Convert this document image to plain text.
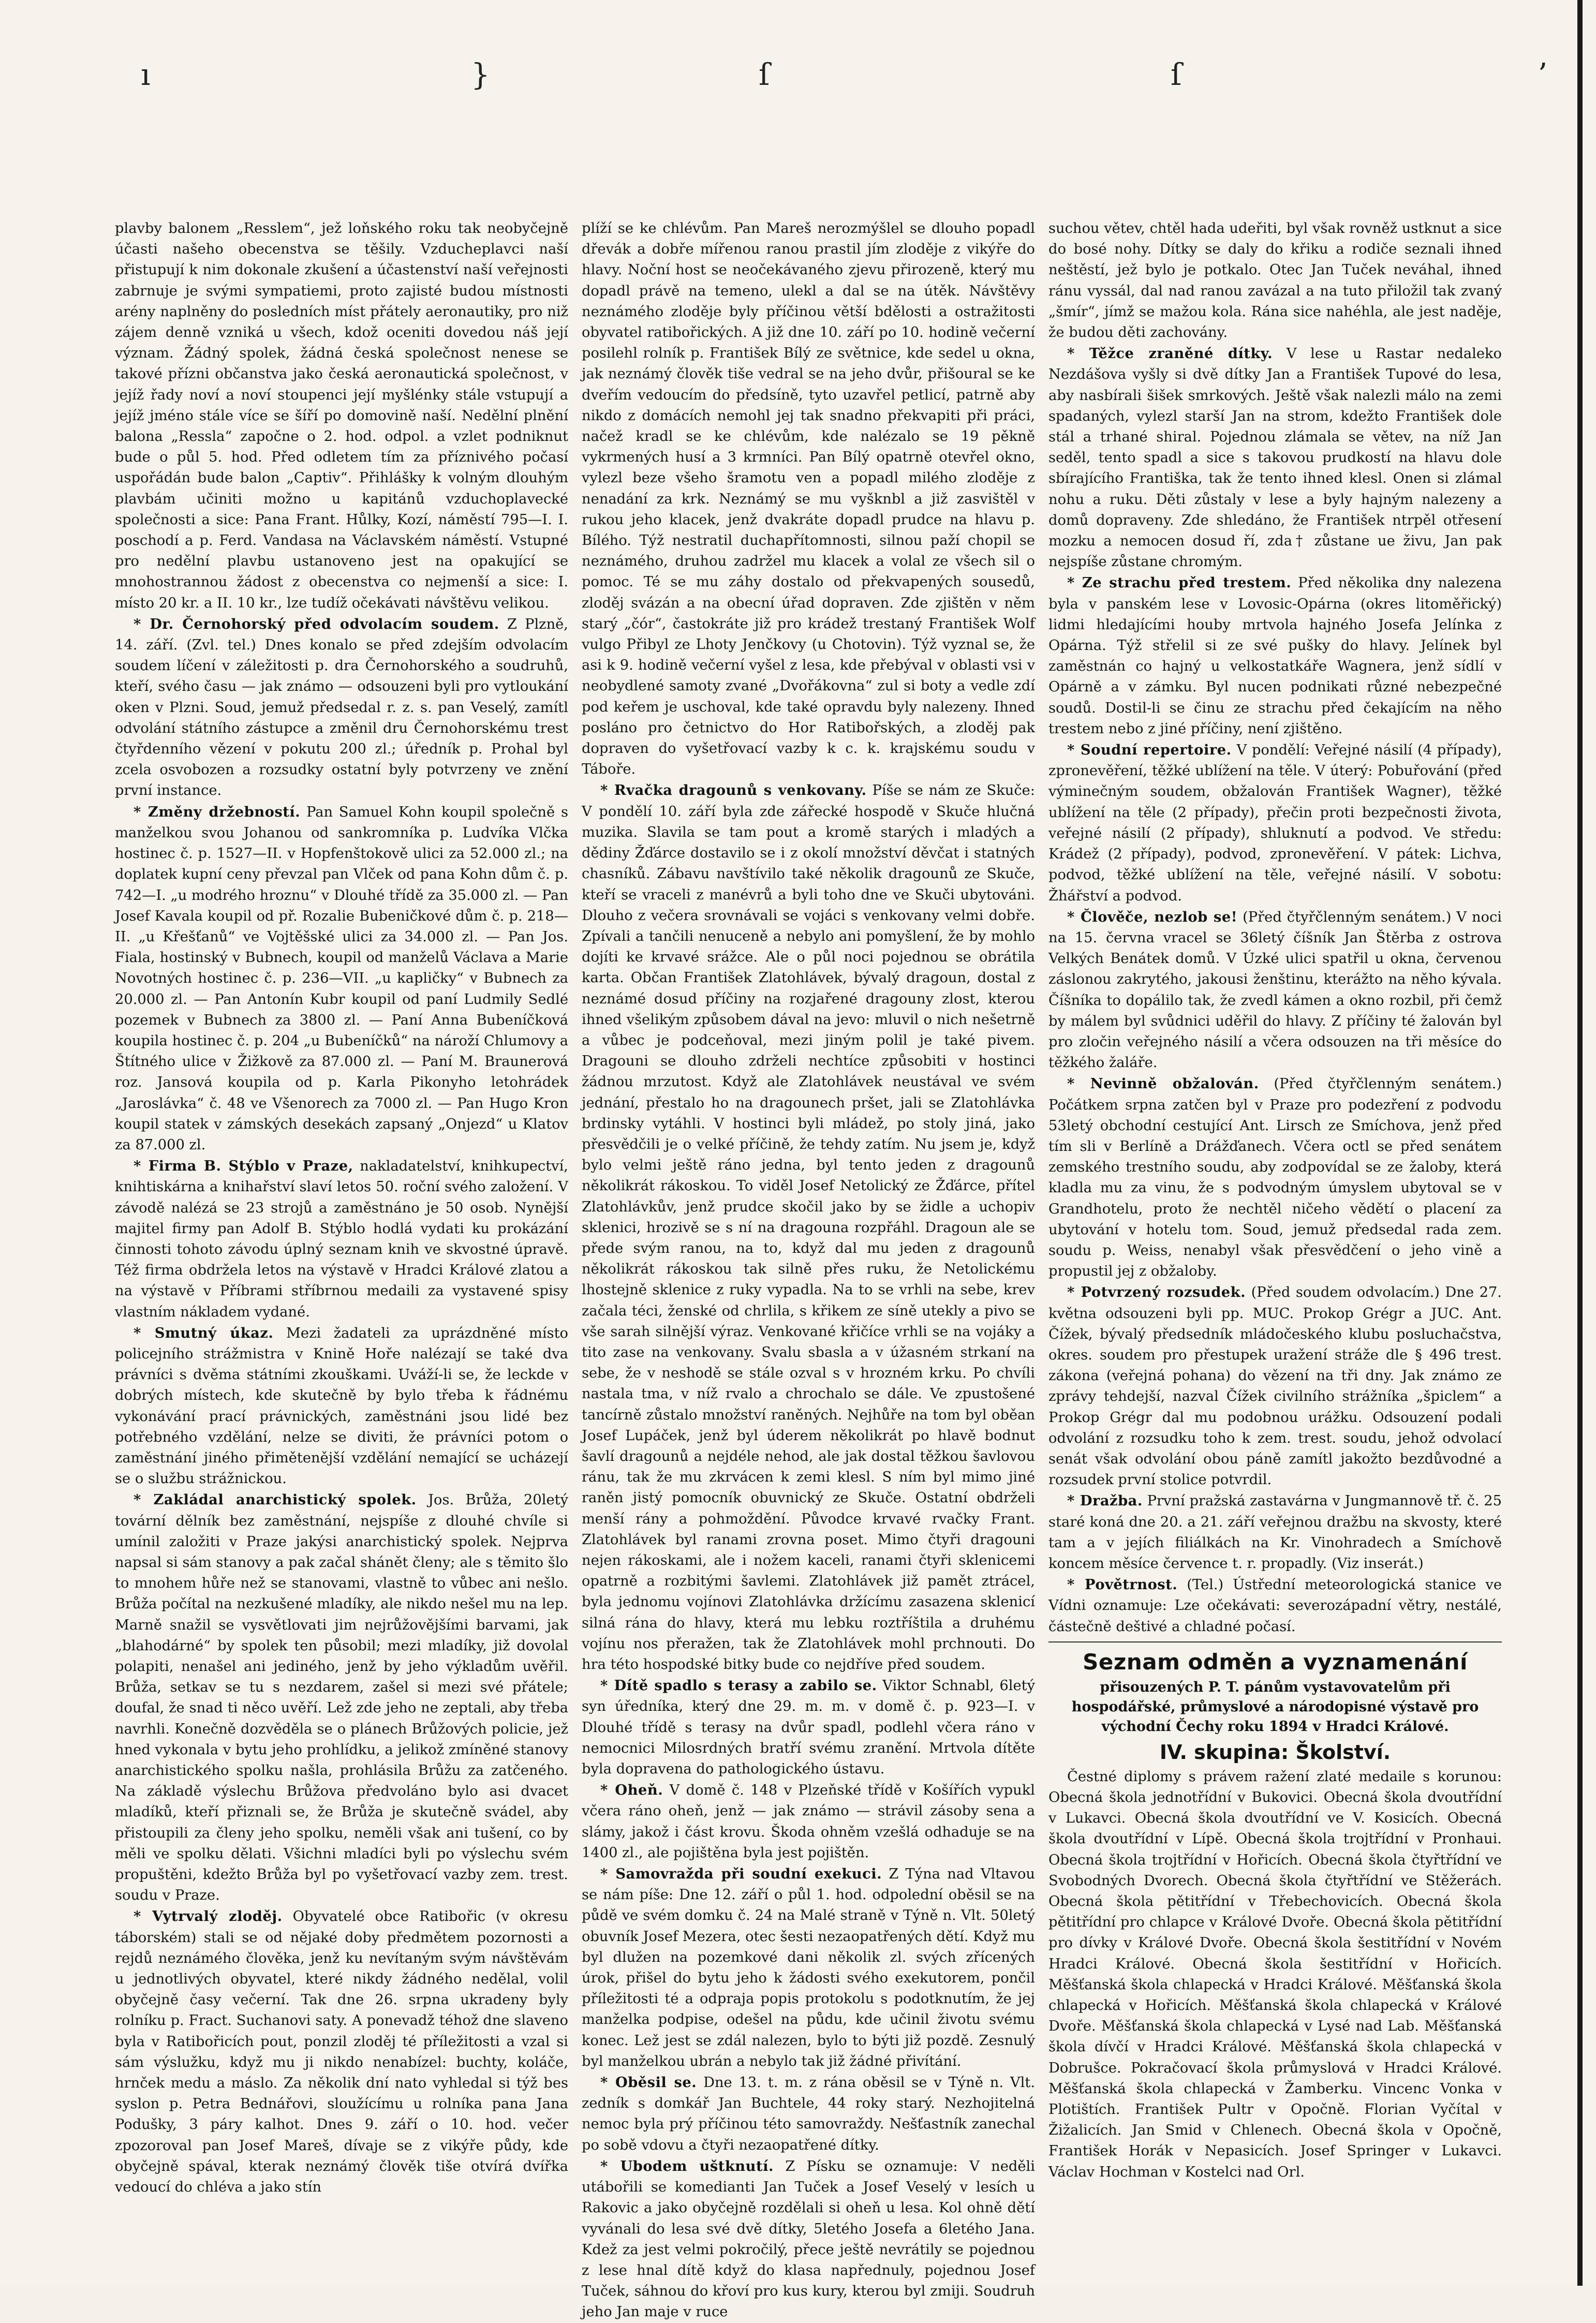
ı	}	ſ	ſ	ʼ

plavby balonem „Resslem“, jež loňského roku tak neobyčejně účasti našeho obecenstva se těšily. Vzducheplavci naší přistupují k nim dokonale zkušení a účastenství naší veřejnosti zabrnuje je svými sympatiemi, proto zajisté budou místnosti arény naplněny do posledních míst přátely aeronautiky, pro niž zájem denně vzniká u všech, kdož oceniti dovedou náš její význam. Žádný spolek, žádná česká společnost nenese se takové přízni občanstva jako česká aeronautická společnost, v jejíž řady noví a noví stoupenci její myšlénky stále vstupují a jejíž jméno stále více se šíří po domovině naší. Nedělní plnění balona „Ressla“ započne o 2. hod. odpol. a vzlet podniknut bude o půl 5. hod. Před odletem tím za příznivého počasí uspořádán bude balon „Captiv“. Přihlášky k volným dlouhým plavbám učiniti možno u kapitánů vzduchoplavecké společnosti a sice: Pana Frant. Hůlky, Kozí, náměstí 795—I. I. poschodí a p. Ferd. Vandasa na Václavském náměstí. Vstupné pro nedělní plavbu ustanoveno jest na opakující se mnohostrannou žádost z obecenstva co nejmenší a sice: I. místo 20 kr. a II. 10 kr., lze tudíž očekávati návštěvu velikou.

* Dr. Černohorský před odvolacím soudem. Z Plzně, 14. září. (Zvl. tel.) Dnes konalo se před zdejším odvolacím soudem líčení v záležitosti p. dra Černohorského a soudruhů, kteří, svého času — jak známo — odsouzeni byli pro vytloukání oken v Plzni. Soud, jemuž předsedal r. z. s. pan Veselý, zamítl odvolání státního zástupce a změnil dru Černohorskému trest čtyřdenního vězení v pokutu 200 zl.; úředník p. Prohal byl zcela osvobozen a rozsudky ostatní byly potvrzeny ve znění první instance.

* Změny držebností. Pan Samuel Kohn koupil společně s manželkou svou Johanou od sankromníka p. Ludvíka Vlčka hostinec č. p. 1527—II. v Hopfenštokově ulici za 52.000 zl.; na doplatek kupní ceny převzal pan Vlček od pana Kohn dům č. p. 742—I. „u modrého hroznu“ v Dlouhé třídě za 35.000 zl. — Pan Josef Kavala koupil od př. Rozalie Bubeničkové dům č. p. 218—II. „u Křešťanů“ ve Vojtěšské ulici za 34.000 zl. — Pan Jos. Fiala, hostinský v Bubnech, koupil od manželů Václava a Marie Novotných hostinec č. p. 236—VII. „u kapličky“ v Bubnech za 20.000 zl. — Pan Antonín Kubr koupil od paní Ludmily Sedlé pozemek v Bubnech za 3800 zl. — Paní Anna Bubeníčková koupila hostinec č. p. 204 „u Bubeníčků“ na nároží Chlumovy a Štítného ulice v Žižkově za 87.000 zl. — Paní M. Braunerová roz. Jansová koupila od p. Karla Pikonyho letohrádek „Jaroslávka“ č. 48 ve Všenorech za 7000 zl. — Pan Hugo Kron koupil statek v zámských desekách zapsaný „Onjezd“ u Klatov za 87.000 zl.

* Firma B. Stýblo v Praze, nakladatelství, knihkupectví, knihtiskárna a knihařství slaví letos 50. roční svého založení. V závodě nalézá se 23 strojů a zaměstnáno je 50 osob. Nynější majitel firmy pan Adolf B. Stýblo hodlá vydati ku prokázání činnosti tohoto závodu úplný seznam knih ve skvostné úpravě. Též firma obdržela letos na výstavě v Hradci Králové zlatou a na výstavě v Příbrami stříbrnou medaili za vystavené spisy vlastním nákladem vydané.

* Smutný úkaz. Mezi žadateli za uprázdněné místo policejního strážmistra v Knině Hoře nalézají se také dva právníci s dvěma státními zkouškami. Uváží-li se, že leckde v dobrých místech, kde skutečně by bylo třeba k řádnému vykonávání prací právnických, zaměstnáni jsou lidé bez potřebného vzdělání, nelze se diviti, že právníci potom o zaměstnání jiného přimětenější vzdělání nemající se ucházejí se o službu strážnickou.

* Zakládal anarchistický spolek. Jos. Brůža, 20letý tovární dělník bez zaměstnání, nejspíše z dlouhé chvíle si umínil založiti v Praze jakýsi anarchistický spolek. Nejprva napsal si sám stanovy a pak začal shánět členy; ale s těmito šlo to mnohem hůře než se stanovami, vlastně to vůbec ani nešlo. Brůža počítal na nezkušené mladíky, ale nikdo nešel mu na lep. Marně snažil se vysvětlovati jim nejrůžovějšími barvami, jak „blahodárné“ by spolek ten působil; mezi mladíky, již dovolal polapiti, nenašel ani jediného, jenž by jeho výkladům uvěřil. Brůža, setkav se tu s nezdarem, zašel si mezi své přátele; doufal, že snad ti něco uvěří. Lež zde jeho ne zeptali, aby třeba navrhli. Konečně dozvěděla se o plánech Brůžových policie, jež hned vykonala v bytu jeho prohlídku, a jelikož zmíněné stanovy anarchistického spolku našla, prohlásila Brůžu za zatčeného. Na základě výslechu Brůžova předvoláno bylo asi dvacet mladíků, kteří přiznali se, že Brůža je skutečně svádel, aby přistoupili za členy jeho spolku, neměli však ani tušení, co by měli ve spolku dělati. Všichni mladíci byli po výslechu svém propuštěni, kdežto Brůža byl po vyšetřovací vazby zem. trest. soudu v Praze.

* Vytrvalý zloděj. Obyvatelé obce Ratibořic (v okresu táborském) stali se od nějaké doby předmětem pozornosti a rejdů neznámého člověka, jenž ku nevítaným svým návštěvám u jednotlivých obyvatel, které nikdy žádného nedělal, volil obyčejně časy večerní. Tak dne 26. srpna ukradeny byly rolníku p. Fract. Suchanovi saty. A ponevadž téhož dne slaveno byla v Ratibořicích pout, ponzil zloděj té příležitosti a vzal si sám výslužku, když mu ji nikdo nenabízel: buchty, koláče, hrnček medu a máslo. Za několik dní nato vyhledal si týž bes syslon p. Petra Bednářovi, sloužícímu u rolníka pana Jana Podušky, 3 páry kalhot. Dnes 9. září o 10. hod. večer zpozoroval pan Josef Mareš, dívaje se z vikýře půdy, kde obyčejně spával, kterak neznámý člověk tiše otvírá dvířka vedoucí do chléva a jako stín

plíží se ke chlévům. Pan Mareš nerozmýšlel se dlouho popadl dřevák a dobře mířenou ranou prastil jím zloděje z vikýře do hlavy. Noční host se neočekávaného zjevu přirozeně, který mu dopadl právě na temeno, ulekl a dal se na útěk. Návštěvy neznámého zloděje byly příčinou větší bdělosti a ostražitosti obyvatel ratibořických. A již dne 10. září po 10. hodině večerní posilehl rolník p. František Bílý ze světnice, kde sedel u okna, jak neznámý člověk tiše vedral se na jeho dvůr, přišoural se ke dveřím vedoucím do předsíně, tyto uzavřel petlicí, patrně aby nikdo z domácích nemohl jej tak snadno překvapiti při práci, načež kradl se ke chlévům, kde nalézalo se 19 pěkně vykrmených husí a 3 krmníci. Pan Bílý opatrně otevřel okno, vylezl beze všeho šramotu ven a popadl milého zloděje z nenadání za krk. Neznámý se mu vyšknbl a již zasvištěl v rukou jeho klacek, jenž dvakráte dopadl prudce na hlavu p. Bílého. Týž nestratil duchapřítomnosti, silnou paží chopil se neznámého, druhou zadržel mu klacek a volal ze všech sil o pomoc. Té se mu záhy dostalo od překvapených sousedů, zloděj svázán a na obecní úřad dopraven. Zde zjištěn v něm starý „čór“, častokráte již pro krádež trestaný František Wolf vulgo Přibyl ze Lhoty Jenčkovy (u Chotovin). Týž vyznal se, že asi k 9. hodině večerní vyšel z lesa, kde přebýval v oblasti vsi v neobydlené samoty zvané „Dvořákovna“ zul si boty a vedle zdí pod keřem je uschoval, kde také opravdu byly nalezeny. Ihned posláno pro četnictvo do Hor Ratibořských, a zloděj pak dopraven do vyšetřovací vazby k c. k. krajskému soudu v Táboře.

* Rvačka dragounů s venkovany. Píše se nám ze Skuče: V pondělí 10. září byla zde zářecké hospodě v Skuče hlučná muzika. Slavila se tam pout a kromě starých i mladých a dědiny Žďárce dostavilo se i z okolí množství děvčat i statných chasníků. Zábavu navštívilo také několik dragounů ze Skuče, kteří se vraceli z manévrů a byli toho dne ve Skuči ubytováni. Dlouho z večera srovnávali se vojáci s venkovany velmi dobře. Zpívali a tančili nenuceně a nebylo ani pomyšlení, že by mohlo dojíti ke krvavé srážce. Ale o půl noci pojednou se obrátila karta. Občan František Zlatohlávek, bývalý dragoun, dostal z neznámé dosud příčiny na rozjařené dragouny zlost, kterou ihned všelikým způsobem dával na jevo: mluvil o nich nešetrně a vůbec je podceňoval, mezi jiným polil je také pivem. Dragouni se dlouho zdrželi nechtíce způsobiti v hostinci žádnou mrzutost. Když ale Zlatohlávek neustával ve svém jednání, přestalo ho na dragounech pršet, jali se Zlatohlávka brdinsky vytáhli. V hostinci byli mládež, po stoly jiná, jako přesvědčili je o velké příčině, že tehdy zatím. Nu jsem je, když bylo velmi ještě ráno jedna, byl tento jeden z dragounů několikrát rákoskou. To viděl Josef Netolický ze Žďárce, přítel Zlatohlávkův, jenž prudce skočil jako by se židle a uchopiv sklenici, hrozivě se s ní na dragouna rozpřáhl. Dragoun ale se přede svým ranou, na to, když dal mu jeden z dragounů několikrát rákoskou tak silně přes ruku, že Netolickému lhostejně sklenice z ruky vypadla. Na to se vrhli na sebe, krev začala téci, ženské od chrlila, s křikem ze síně utekly a pivo se vše sarah silnější výraz. Venkované křičíce vrhli se na vojáky a tito zase na venkovany. Svalu sbasla a v úžasném strkaní na sebe, že v neshodě se stále ozval s v hrozném krku. Po chvíli nastala tma, v níž rvalo a chrochalo se dále. Ve zpustošené tancírně zůstalo množství raněných. Nejhůře na tom byl oběan Josef Lupáček, jenž byl úderem několikrát po hlavě bodnut šavlí dragounů a nejdéle nehod, ale jak dostal těžkou šavlovou ránu, tak že mu zkrvácen k zemi klesl. S ním byl mimo jiné raněn jistý pomocník obuvnický ze Skuče. Ostatní obdrželi menší rány a pohmoždění. Původce krvavé rvačky Frant. Zlatohlávek byl ranami zrovna poset. Mimo čtyři dragouni nejen rákoskami, ale i nožem kaceli, ranami čtyři sklenicemi opatrně a rozbitými šavlemi. Zlatohlávek již pamět ztrácel, byla jednomu vojínovi Zlatohlávka držícímu zasazena sklenicí silná rána do hlavy, která mu lebku roztříštila a druhému vojínu nos přeražen, tak že Zlatohlávek mohl prchnouti. Do hra této hospodské bitky bude co nejdříve před soudem.

* Dítě spadlo s terasy a zabilo se. Viktor Schnabl, 6letý syn úředníka, který dne 29. m. m. v domě č. p. 923—I. v Dlouhé třídě s terasy na dvůr spadl, podlehl včera ráno v nemocnici Milosrdných bratří svému zranění. Mrtvola dítěte byla dopravena do pathologického ústavu.

* Oheň. V domě č. 148 v Plzeňské třídě v Košířích vypukl včera ráno oheň, jenž — jak známo — strávil zásoby sena a slámy, jakož i část krovu. Škoda ohněm vzešlá odhaduje se na 1400 zl., ale pojištěna byla jest pojištěn.

* Samovražda při soudní exekuci. Z Týna nad Vltavou se nám píše: Dne 12. září o půl 1. hod. odpolední oběsil se na půdě ve svém domku č. 24 na Malé straně v Týně n. Vlt. 50letý obuvník Josef Mezera, otec šesti nezaopatřených dětí. Když mu byl dlužen na pozemkové dani několik zl. svých zřícených úrok, přišel do bytu jeho k žádosti svého exekutorem, pončil příležitosti té a odpraja popis protokolu s podotknutím, že jej manželka podpise, odešel na půdu, kde učinil životu svému konec. Lež jest se zdál nalezen, bylo to býti již pozdě. Zesnulý byl manželkou ubrán a nebylo tak již žádné přivítání.

* Oběsil se. Dne 13. t. m. z rána oběsil se v Týně n. Vlt. zedník s domkář Jan Buchtele, 44 roky starý. Nezhojitelná nemoc byla prý příčinou této samovraždy. Nešťastník zanechal po sobě vdovu a čtyři nezaopatřené dítky.

* Ubodem uštknutí. Z Písku se oznamuje: V neděli utábořili se komedianti Jan Tuček a Josef Veselý v lesích u Rakovic a jako obyčejně rozdělali si oheň u lesa. Kol ohně dětí vyvánali do lesa své dvě dítky, 5letého Josefa a 6letého Jana. Kdež za jest velmi pokročilý, přece ještě nevrátily se pojednou z lese hnal dítě když do klasa napřednuly, pojednou Josef Tuček, sáhnou do křoví pro kus kury, kterou byl zmiji. Soudruh jeho Jan maje v ruce

suchou větev, chtěl hada udeřiti, byl však rovněž ustknut a sice do bosé nohy. Dítky se daly do křiku a rodiče seznali ihned neštěstí, jež bylo je potkalo. Otec Jan Tuček neváhal, ihned ránu vyssál, dal nad ranou zavázal a na tuto přiložil tak zvaný „šmír“, jímž se mažou kola. Rána sice nahéhla, ale jest naděje, že budou děti zachovány.

* Těžce zraněné dítky. V lese u Rastar nedaleko Nezdášova vyšly si dvě dítky Jan a František Tupové do lesa, aby nasbírali šišek smrkových. Ještě však nalezli málo na zemi spadaných, vylezl starší Jan na strom, kdežto František dole stál a trhané shiral. Pojednou zlámala se větev, na níž Jan seděl, tento spadl a sice s takovou prudkostí na hlavu dole sbírajícího Františka, tak že tento ihned klesl. Onen si zlámal nohu a ruku. Děti zůstaly v lese a byly hajným nalezeny a domů dopraveny. Zde shledáno, že František ntrpěl otřesení mozku a nemocen dosud ří, zda† zůstane ue živu, Jan pak nejspíše zůstane chromým.

* Ze strachu před trestem. Před několika dny nalezena byla v panském lese v Lovosic-Opárna (okres litoměřický) lidmi hledajícími houby mrtvola hajného Josefa Jelínka z Opárna. Týž střelil si ze své pušky do hlavy. Jelínek byl zaměstnán co hajný u velkostatkáře Wagnera, jenž sídlí v Opárně a v zámku. Byl nucen podnikati různé nebezpečné soudů. Dostil-li se činu ze strachu před čekajícím na něho trestem nebo z jiné příčiny, není zjištěno.

* Soudní repertoire. V pondělí: Veřejné násilí (4 případy), zpronevěření, těžké ublížení na těle. V úterý: Pobuřování (před výminečným soudem, obžalován František Wagner), těžké ublížení na těle (2 případy), přečin proti bezpečnosti života, veřejné násilí (2 případy), shluknutí a podvod. Ve středu: Krádež (2 případy), podvod, zpronevěření. V pátek: Lichva, podvod, těžké ublížení na těle, veřejné násilí. V sobotu: Žhářství a podvod.

* Člověče, nezlob se! (Před čtyřčlenným senátem.) V noci na 15. června vracel se 36letý číšník Jan Štěrba z ostrova Velkých Benátek domů. V Úzké ulici spatřil u okna, červenou záslonou zakrytého, jakousi ženštinu, kterážto na něho kývala. Číšníka to dopálilo tak, že zvedl kámen a okno rozbil, při čemž by málem byl svůdnici uděřil do hlavy. Z příčiny té žalován byl pro zločin veřejného násilí a včera odsouzen na tři měsíce do těžkého žaláře.

* Nevinně obžalován. (Před čtyřčlenným senátem.) Počátkem srpna zatčen byl v Praze pro podezření z podvodu 53letý obchodní cestující Ant. Lirsch ze Smíchova, jenž před tím sli v Berlíně a Drážďanech. Včera octl se před senátem zemského trestního soudu, aby zodpovídal se ze žaloby, která kladla mu za vinu, že s podvodným úmyslem ubytoval se v Grandhotelu, proto že nechtěl ničeho vědětí o placení za ubytování v hotelu tom. Soud, jemuž předsedal rada zem. soudu p. Weiss, nenabyl však přesvědčení o jeho vině a propustil jej z obžaloby.

* Potvrzený rozsudek. (Před soudem odvolacím.) Dne 27. května odsouzeni byli pp. MUC. Prokop Grégr a JUC. Ant. Čížek, bývalý předsedník mládočeského klubu posluchačstva, okres. soudem pro přestupek uražení stráže dle § 496 trest. zákona (veřejná pohana) do vězení na tři dny. Jak známo ze zprávy tehdejší, nazval Čížek civilního strážníka „špiclem“ a Prokop Grégr dal mu podobnou urážku. Odsouzení podali odvolání z rozsudku toho k zem. trest. soudu, jehož odvolací senát však odvolání obou páně zamítl jakožto bezdůvodné a rozsudek první stolice potvrdil.

* Dražba. První pražská zastavárna v Jungmannově tř. č. 25 staré koná dne 20. a 21. září veřejnou dražbu na skvosty, které tam a v jejích filiálkách na Kr. Vinohradech a Smíchově koncem měsíce července t. r. propadly. (Viz inserát.)

* Povětrnost. (Tel.) Ústřední meteorologická stanice ve Vídni oznamuje: Lze očekávati: severozápadní větry, nestálé, částečně deštivé a chladné počasí.

Seznam odměn a vyznamenání
přisouzených P. T. pánům vystavovatelům při hospodářské, průmyslové a národopisné výstavě pro východní Čechy roku 1894 v Hradci Králové.
IV. skupina: Školství.

Čestné diplomy s právem ražení zlaté medaile s korunou: Obecná škola jednotřídní v Bukovici. Obecná škola dvoutřídní v Lukavci. Obecná škola dvoutřídní ve V. Kosicích. Obecná škola dvoutřídní v Lípě. Obecná škola trojtřídní v Pronhaui. Obecná škola trojtřídní v Hořicích. Obecná škola čtyřtřídní ve Svobodných Dvorech. Obecná škola čtyřtřídní ve Stěžerách. Obecná škola pětitřídní v Třebechovicích. Obecná škola pětitřídní pro chlapce v Králové Dvoře. Obecná škola pětitřídní pro dívky v Králové Dvoře. Obecná škola šestitřídní v Novém Hradci Králové. Obecná škola šestitřídní v Hořicích. Měšťanská škola chlapecká v Hradci Králové. Měšťanská škola chlapecká v Hořicích. Měšťanská škola chlapecká v Králové Dvoře. Měšťanská škola chlapecká v Lysé nad Lab. Měšťanská škola dívčí v Hradci Králové. Měšťanská škola chlapecká v Dobrušce. Pokračovací škola průmyslová v Hradci Králové. Měšťanská škola chlapecká v Žamberku. Vincenc Vonka v Plotištích. František Pultr v Opočně. Florian Vyčítal v Žižalicích. Jan Smid v Chlenech. Obecná škola v Opočně, František Horák v Nepasicích. Josef Springer v Lukavci. Václav Hochman v Kostelci nad Orl.
